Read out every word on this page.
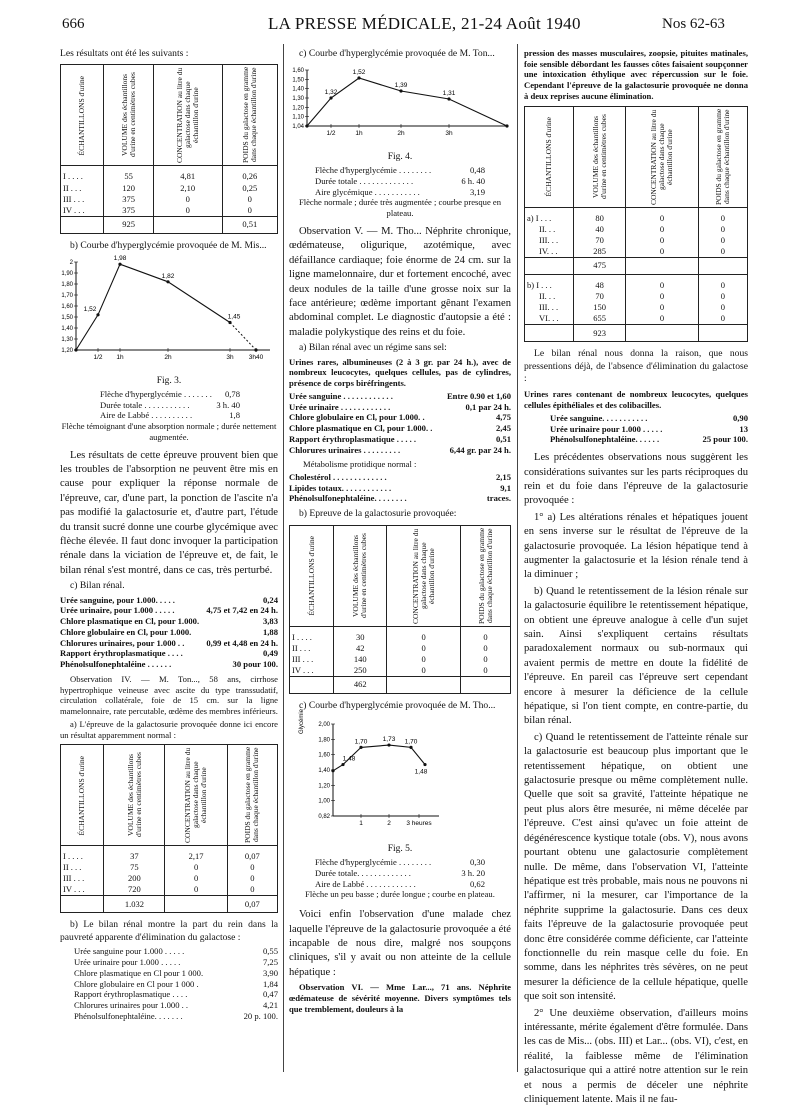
666	LA PRESSE MÉDICALE, 21-24 Août 1940	Nos 62-63

Les résultats ont été les suivants :

ÉCHANTILLONS d'urine	VOLUME des échantillons d'urine en centimètres cubes	CONCENTRATION au litre du galactose dans chaque échantillon d'urine	POIDS du galactose en gramme dans chaque échantillon d'urine

I . . . .	55	4,81	0,26
II . . .	120	2,10	0,25
III . . .	375	0	0
IV . . .	375	0	0
	925		0,51

b) Courbe d'hyperglycémie provoquée de M. Mis...

1,20
1,30
1,40
1,50
1,60
1,70
1,80
1,90
2
1/2 1h	2h	3h 3h40
1,52
1,98
1,82
1,45
Fig. 3.
Flèche d'hyperglycémie . . . . . . . 0,78
Durée totale . . . . . . . . . . .	3 h. 40
Aire de Labbé . . . . . . . . . .	1,8

Flèche témoignant d'une absorption normale ; durée nettement augmentée.

Les résultats de cette épreuve prouvent bien que les troubles de l'absorption ne peuvent être mis en cause pour expliquer la réponse normale de l'épreuve, car, d'une part, la ponction de l'ascite n'a pas modifié la galactosurie et, d'autre part, l'étude du transit sucré donne une courbe glycémique avec flèche élevée. Il faut donc invoquer la participation rénale dans la viciation de l'épreuve et, de fait, le bilan rénal s'est montré, dans ce cas, très perturbé.

c) Bilan rénal.

Urée sanguine, pour 1.000. . . . .	0,24
Urée urinaire, pour 1.000 . . . . .	4,75 et 7,42 en 24 h.
Chlore plasmatique en Cl, pour 1.000.	3,83
Chlore globulaire en Cl, pour 1.000.	1,88
Chlorures urinaires, pour 1.000 . .	0,99 et 4,48 en 24 h.
Rapport érythroplasmatique . . . .	0,49
Phénolsulfonephtaléine . . . . . .	30 pour 100.

Observation IV. — M. Ton..., 58 ans, cirrhose hypertrophique veineuse avec ascite du type transsudatif, circulation collatérale, foie de 15 cm. sur la ligne mamelonnaire, rate percutable, œdème des membres inférieurs.

a) L'épreuve de la galactosurie provoquée donne ici encore un résultat apparemment normal :

ÉCHANTILLONS d'urine	VOLUME des échantillons d'urine en centimètres cubes	CONCENTRATION au litre du galactose dans chaque échantillon d'urine	POIDS du galactose en gramme dans chaque échantillon d'urine

I . . . .	37	2,17	0,07
II . . .	75	0	0
III . . .	200	0	0
IV . . .	720	0	0
	1.032		0,07

b) Le bilan rénal montre la part du rein dans la pauvreté apparente d'élimination du galactose :

Urée sanguine pour 1.000 . . . . .	0,55
Urée urinaire pour 1.000 . . . . .	7,25
Chlore plasmatique en Cl pour 1 000.	3,90
Chlore globulaire en Cl pour 1 000 .	1,84
Rapport érythroplasmatique . . . .	0,47
Chlorures urinaires pour 1.000 . .	4,21
Phénolsulfonephtaléine. . . . . . .	20 p. 100.

c) Courbe d'hyperglycémie provoquée de M. Ton...

1,04
1,10
1,20
1,30
1,40
1,50
1,60
1/2	1h	2h	3h
1,32
1,52
1,39
1,31
Fig. 4.
Flèche d'hyperglycémie . . . . . . . .	0,48
Durée totale . . . . . . . . . . . . .	6 h. 40
Aire glycémique . . . . . . . . . . .	3,19

Flèche normale ; durée très augmentée ; courbe presque en plateau.

Observation V. — M. Tho... Néphrite chronique, œdémateuse, oligurique, azotémique, avec défaillance cardiaque; foie énorme de 24 cm. sur la ligne mamelonnaire, dur et fortement encoché, avec deux nodules de la taille d'une grosse noix sur la face antérieure; œdème important gênant l'examen abdominal complet. Le diagnostic d'autopsie a été : maladie polykystique des reins et du foie.

a) Bilan rénal avec un régime sans sel:

Urines rares, albumineuses (2 à 3 gr. par 24 h.), avec de nombreux leucocytes, quelques cellules, pas de cylindres, présence de corps biréfringents.

Urée sanguine . . . . . . . . . . . .	Entre 0.90 et 1,60
Urée urinaire . . . . . . . . . . . .	0,1 par 24 h.
Chlore globulaire en Cl, pour 1.000. .	4,75
Chlore plasmatique en Cl, pour 1.000. .	2,45
Rapport érythroplasmatique . . . . .	0,51
Chlorures urinaires . . . . . . . . .	6,44 gr. par 24 h.

Métabolisme protidique normal :

Cholestérol . . . . . . . . . . . . .	2,15
Lipides totaux. . . . . . . . . . . .	9,1
Phénolsulfonephtaléine. . . . . . . .	traces.

b) Epreuve de la galactosurie provoquée:

ÉCHANTILLONS d'urine	VOLUME des échantillons d'urine en centimètres cubes	CONCENTRATION au litre du galactose dans chaque échantillon d'urine	POIDS du galactose en gramme dans chaque échantillon d'urine

I . . . .	30	0	0
II . . .	42	0	0
III . . .	140	0	0
IV . . .	250	0	0
	462		

c) Courbe d'hyperglycémie provoquée de M. Tho...

0,82
1,00
1,20
1,40
1,60
1,80
2,00
1	2 3 heures
1,48
1,70 1,73 1,70
1,48
Glycémie
Fig. 5.
Flèche d'hyperglycémie . . . . . . . .	0,30
Durée totale. . . . . . . . . . . . .	3 h. 20
Aire de Labbé . . . . . . . . . . . .	0,62

Flèche un peu basse ; durée longue ; courbe en plateau.

Voici enfin l'observation d'une malade chez laquelle l'épreuve de la galactosurie provoquée a été incapable de nous dire, malgré nos soupçons cliniques, s'il y avait ou non atteinte de la cellule hépatique :

Observation VI. — Mme Lar..., 71 ans. Néphrite œdémateuse de sévérité moyenne. Divers symptômes tels que tremblement, douleurs à la

pression des masses musculaires, zoopsie, pituites matinales, foie sensible débordant les fausses côtes faisaient soupçonner une intoxication éthylique avec répercussion sur le foie. Cependant l'épreuve de la galactosurie provoquée ne donna à deux reprises aucune élimination.

ÉCHANTILLONS d'urine	VOLUME des échantillons d'urine en centimètres cubes	CONCENTRATION au litre du galactose dans chaque échantillon d'urine	POIDS du galactose en gramme dans chaque échantillon d'urine

a) I . . .	80	0	0
II. . .	40	0	0
III. . .	70	0	0
IV. . .	285	0	0
	475		

b) I . . .	48	0	0
II. . .	70	0	0
III. . .	150	0	0
VI. . .	655	0	0
	923		

Le bilan rénal nous donna la raison, que nous pressentions déjà, de l'absence d'élimination du galactose :

Urines rares contenant de nombreux leucocytes, quelques cellules épithéliales et des colibacilles.

Urée sanguine. . . . . . . . . . .	0,90
Urée urinaire pour 1.000 . . . . .	13
Phénolsulfonephtaléine. . . . . .	25 pour 100.

Les précédentes observations nous suggèrent les considérations suivantes sur les parts réciproques du rein et du foie dans l'épreuve de la galactosurie provoquée :

1° a) Les altérations rénales et hépatiques jouent en sens inverse sur le résultat de l'épreuve de la galactosurie provoquée. La lésion hépatique tend à augmenter la galactosurie et la lésion rénale tend à la diminuer ;

b) Quand le retentissement de la lésion rénale sur la galactosurie équilibre le retentissement hépatique, on obtient une épreuve analogue à celle d'un sujet sain. Ainsi s'expliquent certains résultats paradoxalement normaux ou sub-normaux qui avaient permis de mettre en doute la fidélité de l'épreuve. En pareil cas l'épreuve sert cependant encore à mesurer la déficience de la cellule hépatique, si l'on tient compte, en contre-partie, du bilan rénal.

c) Quand le retentissement de l'atteinte rénale sur la galactosurie est beaucoup plus important que le retentissement hépatique, on obtient une galactosurie presque ou même complètement nulle. Quelle que soit sa gravité, l'atteinte hépatique ne peut plus alors être mesurée, ni même décelée par l'épreuve. C'est ainsi qu'avec un foie atteint de dégénérescence kystique totale (obs. V), nous avons pourtant obtenu une galactosurie complètement nulle. De même, dans l'observation VI, l'atteinte hépatique est très probable, mais nous ne pouvons ni l'affirmer, ni la mesurer, car l'importance de la néphrite supprime la galactosurie. Dans ces deux faits l'épreuve de la galactosurie provoquée peut donc être considérée comme déficiente, car l'atteinte fonctionnelle du rein masque celle du foie. En somme, dans les néphrites très sévères, on ne peut mesurer la déficience de la cellule hépatique, quelle que soit son intensité.

2° Une deuxième observation, d'ailleurs moins intéressante, mérite également d'être formulée. Dans les cas de Mis... (obs. III) et Lar... (obs. VI), c'est, en réalité, la faiblesse même de l'élimination galactosurique qui a attiré notre attention sur le rein et nous a permis de déceler une néphrite cliniquement latente. Mais il ne fau-
